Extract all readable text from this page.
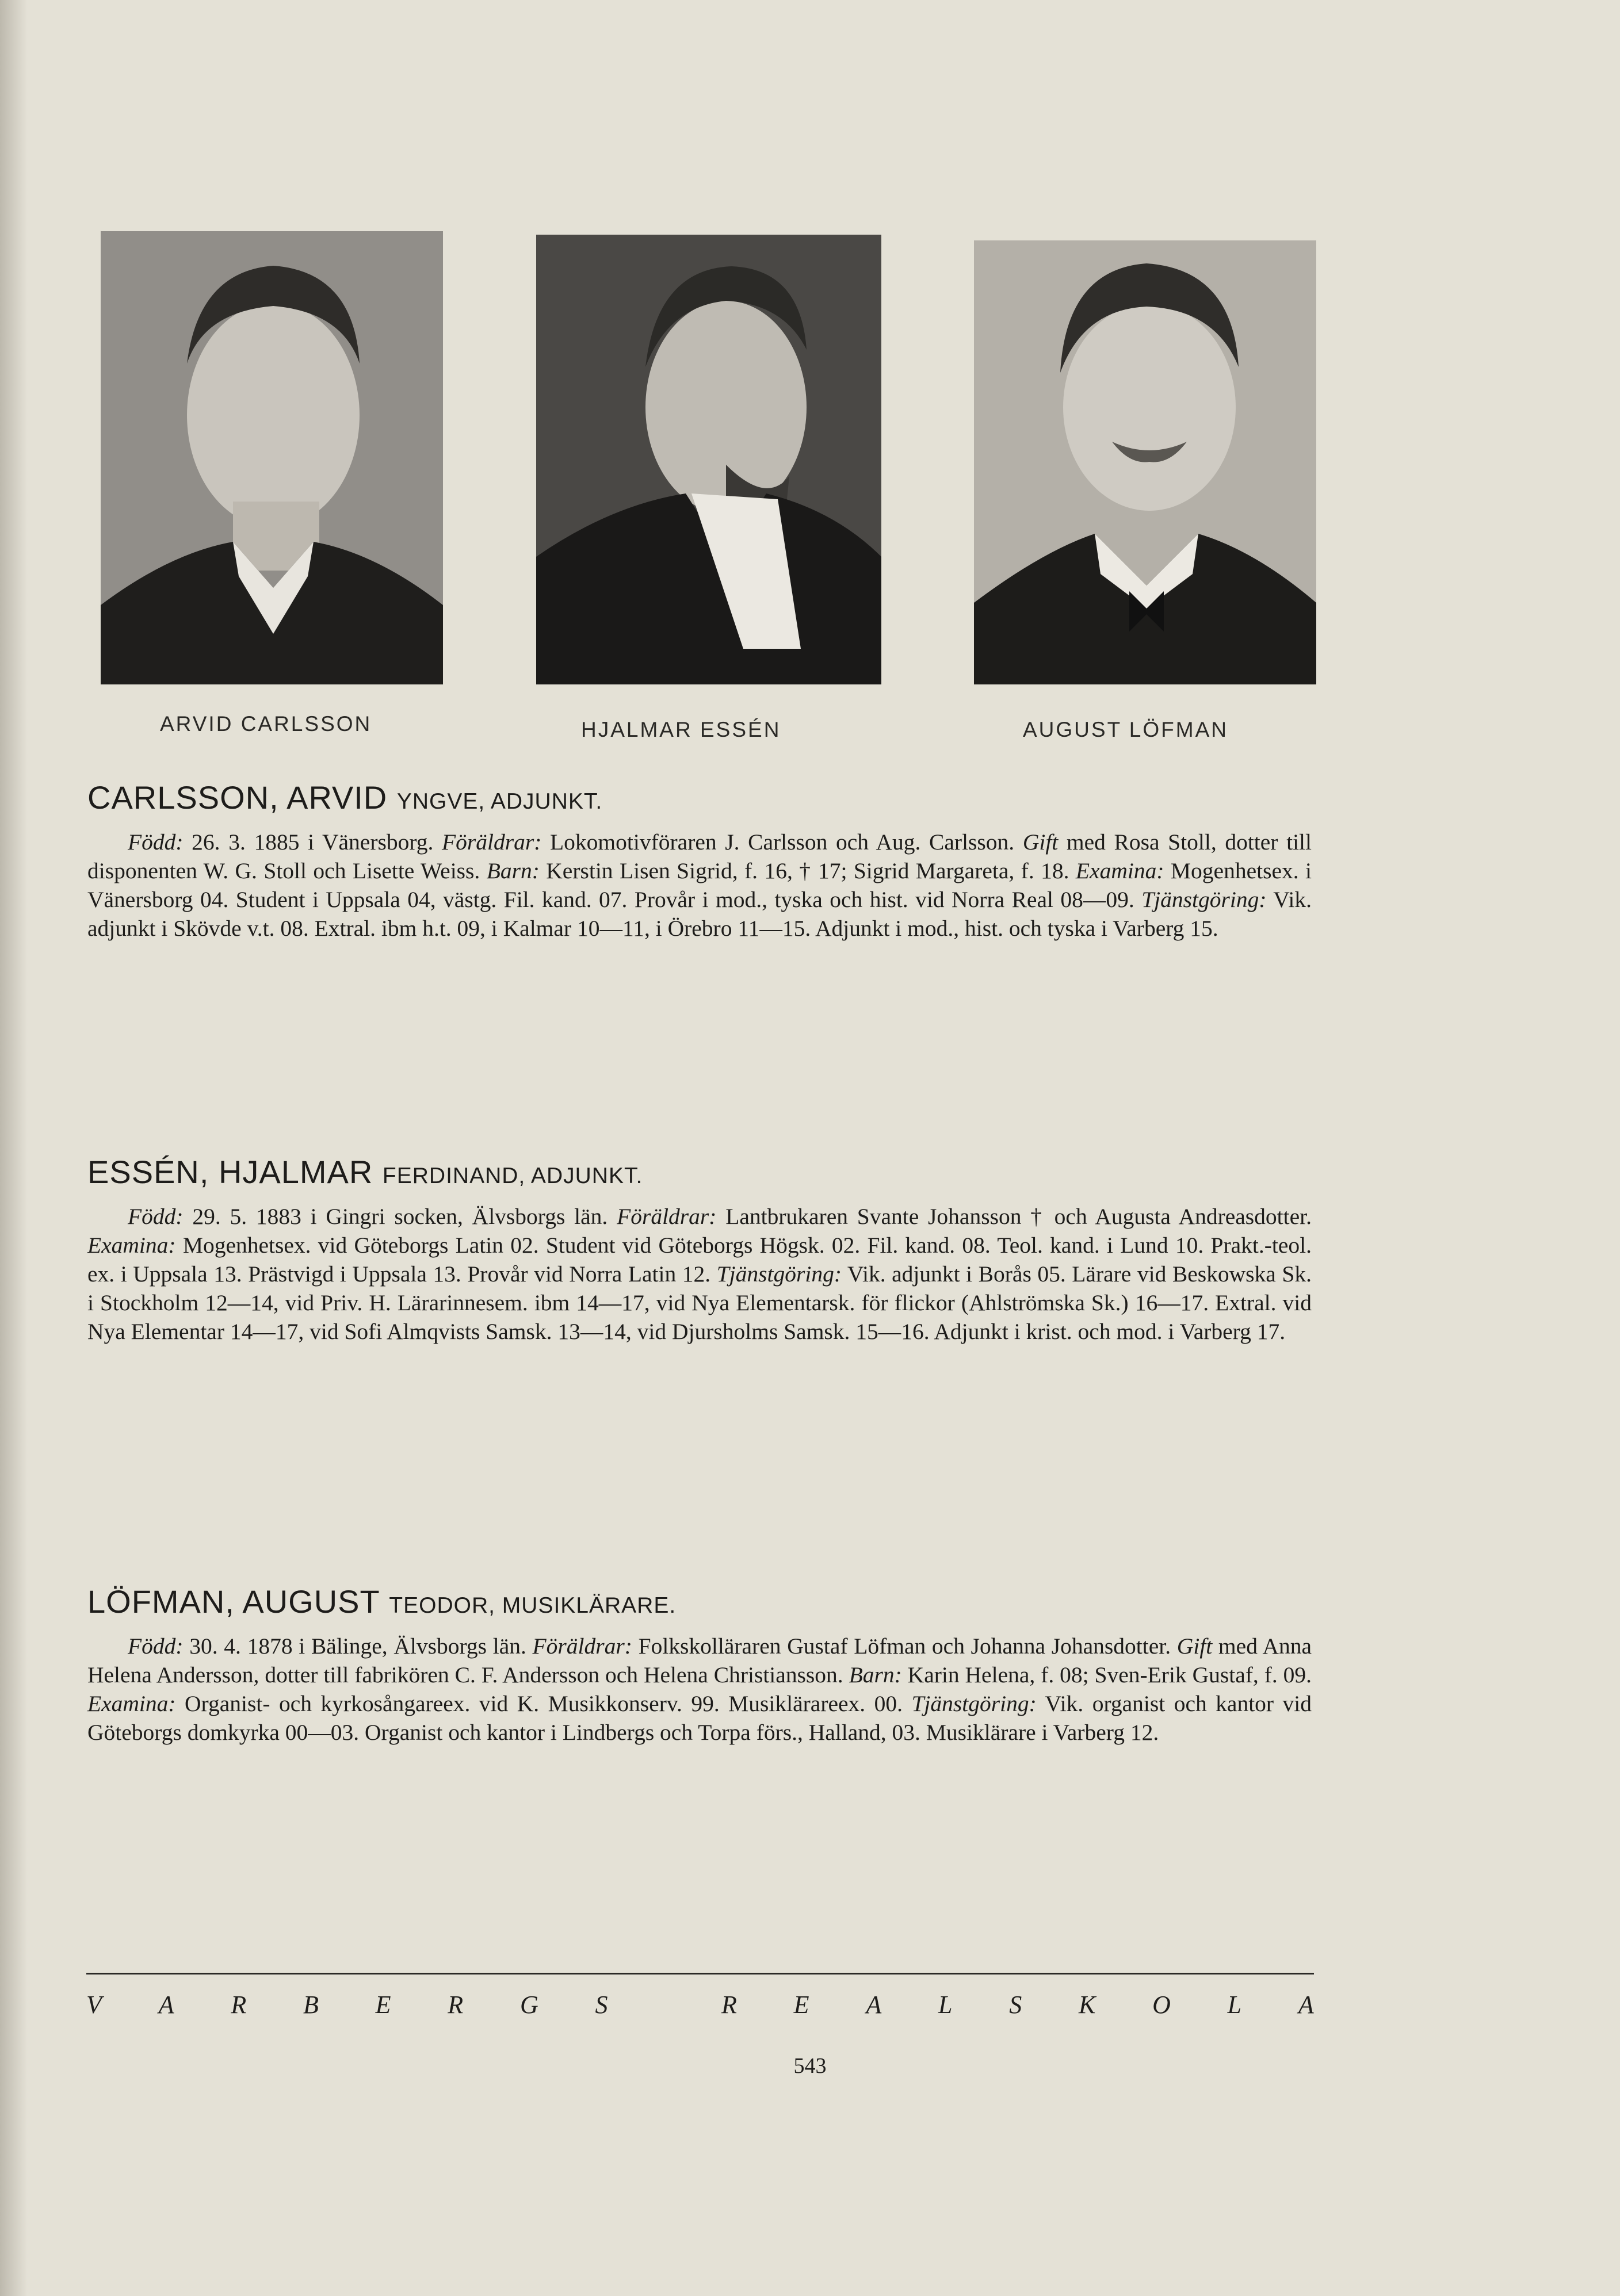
ARVID CARLSSON	HJALMAR ESSÉN	AUGUST LÖFMAN
CARLSSON, ARVID YNGVE, ADJUNKT.

Född: 26. 3. 1885 i Vänersborg. Föräldrar: Lokomotivföraren J. Carlsson och Aug. Carlsson. Gift med Rosa Stoll, dotter till disponenten W. G. Stoll och Lisette Weiss. Barn: Kerstin Lisen Sigrid, f. 16, † 17; Sigrid Margareta, f. 18. Examina: Mogenhetsex. i Vänersborg 04. Student i Uppsala 04, västg. Fil. kand. 07. Provår i mod., tyska och hist. vid Norra Real 08—09. Tjänstgöring: Vik. adjunkt i Skövde v.t. 08. Extral. ibm h.t. 09, i Kalmar 10—11, i Örebro 11—15. Adjunkt i mod., hist. och tyska i Varberg 15.

ESSÉN, HJALMAR FERDINAND, ADJUNKT.

Född: 29. 5. 1883 i Gingri socken, Älvsborgs län. Föräldrar: Lantbrukaren Svante Johansson † och Augusta Andreasdotter. Examina: Mogenhetsex. vid Göteborgs Latin 02. Student vid Göteborgs Högsk. 02. Fil. kand. 08. Teol. kand. i Lund 10. Prakt.-teol. ex. i Uppsala 13. Prästvigd i Uppsala 13. Provår vid Norra Latin 12. Tjänstgöring: Vik. adjunkt i Borås 05. Lärare vid Beskowska Sk. i Stockholm 12—14, vid Priv. H. Lärarinnesem. ibm 14—17, vid Nya Elementarsk. för flickor (Ahlströmska Sk.) 16—17. Extral. vid Nya Elementar 14—17, vid Sofi Almqvists Samsk. 13—14, vid Djursholms Samsk. 15—16. Adjunkt i krist. och mod. i Varberg 17.

LÖFMAN, AUGUST TEODOR, MUSIKLÄRARE.

Född: 30. 4. 1878 i Bälinge, Älvsborgs län. Föräldrar: Folkskolläraren Gustaf Löfman och Johanna Johansdotter. Gift med Anna Helena Andersson, dotter till fabrikören C. F. Andersson och Helena Christiansson. Barn: Karin Helena, f. 08; Sven-Erik Gustaf, f. 09. Examina: Organist- och kyrkosångareex. vid K. Musikkonserv. 99. Musiklärareex. 00. Tjänstgöring: Vik. organist och kantor vid Göteborgs domkyrka 00—03. Organist och kantor i Lindbergs och Torpa förs., Halland, 03. Musiklärare i Varberg 12.

V A R B E R G S	R E A L S K O L A
543
